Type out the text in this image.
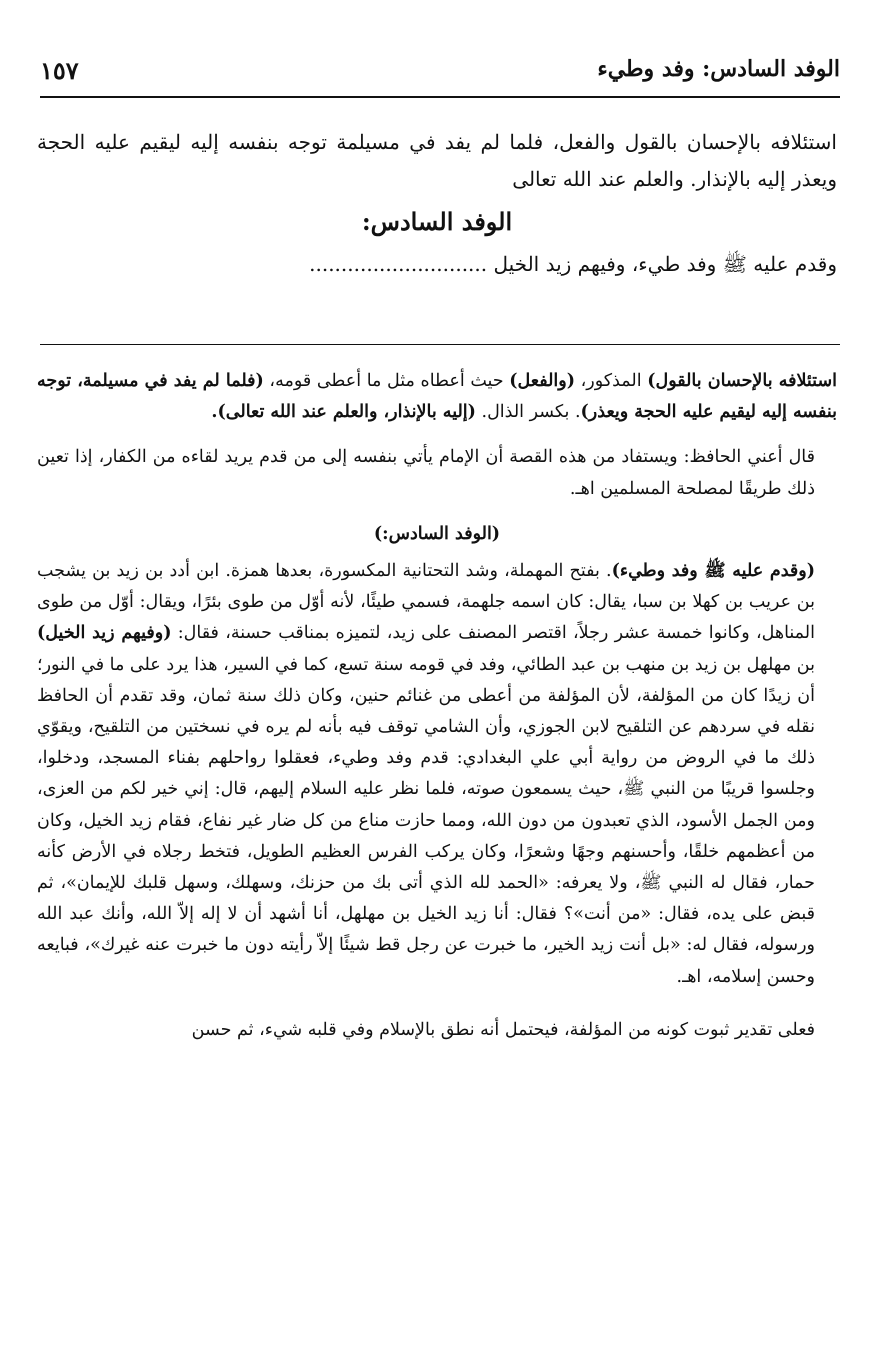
الوفد السادس: وفد وطيء
١٥٧

استئلافه بالإحسان بالقول والفعل، فلما لم يفد في مسيلمة توجه بنفسه إليه ليقيم عليه الحجة ويعذر إليه بالإنذار. والعلم عند الله تعالى

الوفد السادس:

وقدم عليه ﷺ وفد طيء، وفيهم زيد الخيل ............................

استئلافه بالإحسان بالقول) المذكور، (والفعل) حيث أعطاه مثل ما أعطى قومه، (فلما لم يفد في مسيلمة، توجه بنفسه إليه ليقيم عليه الحجة ويعذر). بكسر الذال. (إليه بالإنذار، والعلم عند الله تعالى).

قال أعني الحافظ: ويستفاد من هذه القصة أن الإمام يأتي بنفسه إلى من قدم يريد لقاءه من الكفار، إذا تعين ذلك طريقًا لمصلحة المسلمين اهـ.

(الوفد السادس:)

(وقدم عليه ﷺ وفد وطيء). بفتح المهملة، وشد التحتانية المكسورة، بعدها همزة. ابن أدد بن زيد بن يشجب بن عريب بن كهلا بن سبا، يقال: كان اسمه جلهمة، فسمي طيئًا، لأنه أوّل من طوى بئرًا، ويقال: أوّل من طوى المناهل، وكانوا خمسة عشر رجلاً، اقتصر المصنف على زيد، لتميزه بمناقب حسنة، فقال: (وفيهم زيد الخيل) بن مهلهل بن زيد بن منهب بن عبد الطائي، وفد في قومه سنة تسع، كما في السير، هذا يرد على ما في النور؛ أن زيدًا كان من المؤلفة، لأن المؤلفة من أعطى من غنائم حنين، وكان ذلك سنة ثمان، وقد تقدم أن الحافظ نقله في سردهم عن التلقيح لابن الجوزي، وأن الشامي توقف فيه بأنه لم يره في نسختين من التلقيح، ويقوّي ذلك ما في الروض من رواية أبي علي البغدادي: قدم وفد وطيء، فعقلوا رواحلهم بفناء المسجد، ودخلوا، وجلسوا قريبًا من النبي ﷺ، حيث يسمعون صوته، فلما نظر عليه السلام إليهم، قال: إني خير لكم من العزى، ومن الجمل الأسود، الذي تعبدون من دون الله، ومما حازت مناع من كل ضار غير نفاع، فقام زيد الخيل، وكان من أعظمهم خلقًا، وأحسنهم وجهًا وشعرًا، وكان يركب الفرس العظيم الطويل، فتخط رجلاه في الأرض كأنه حمار، فقال له النبي ﷺ، ولا يعرفه: «الحمد لله الذي أتى بك من حزنك، وسهلك، وسهل قلبك للإيمان»، ثم قبض على يده، فقال: «من أنت»؟ فقال: أنا زيد الخيل بن مهلهل، أنا أشهد أن لا إله إلاّ الله، وأنك عبد الله ورسوله، فقال له: «بل أنت زيد الخير، ما خبرت عن رجل قط شيئًا إلاّ رأيته دون ما خبرت عنه غيرك»، فبايعه وحسن إسلامه، اهـ.

فعلى تقدير ثبوت كونه من المؤلفة، فيحتمل أنه نطق بالإسلام وفي قلبه شيء، ثم حسن
